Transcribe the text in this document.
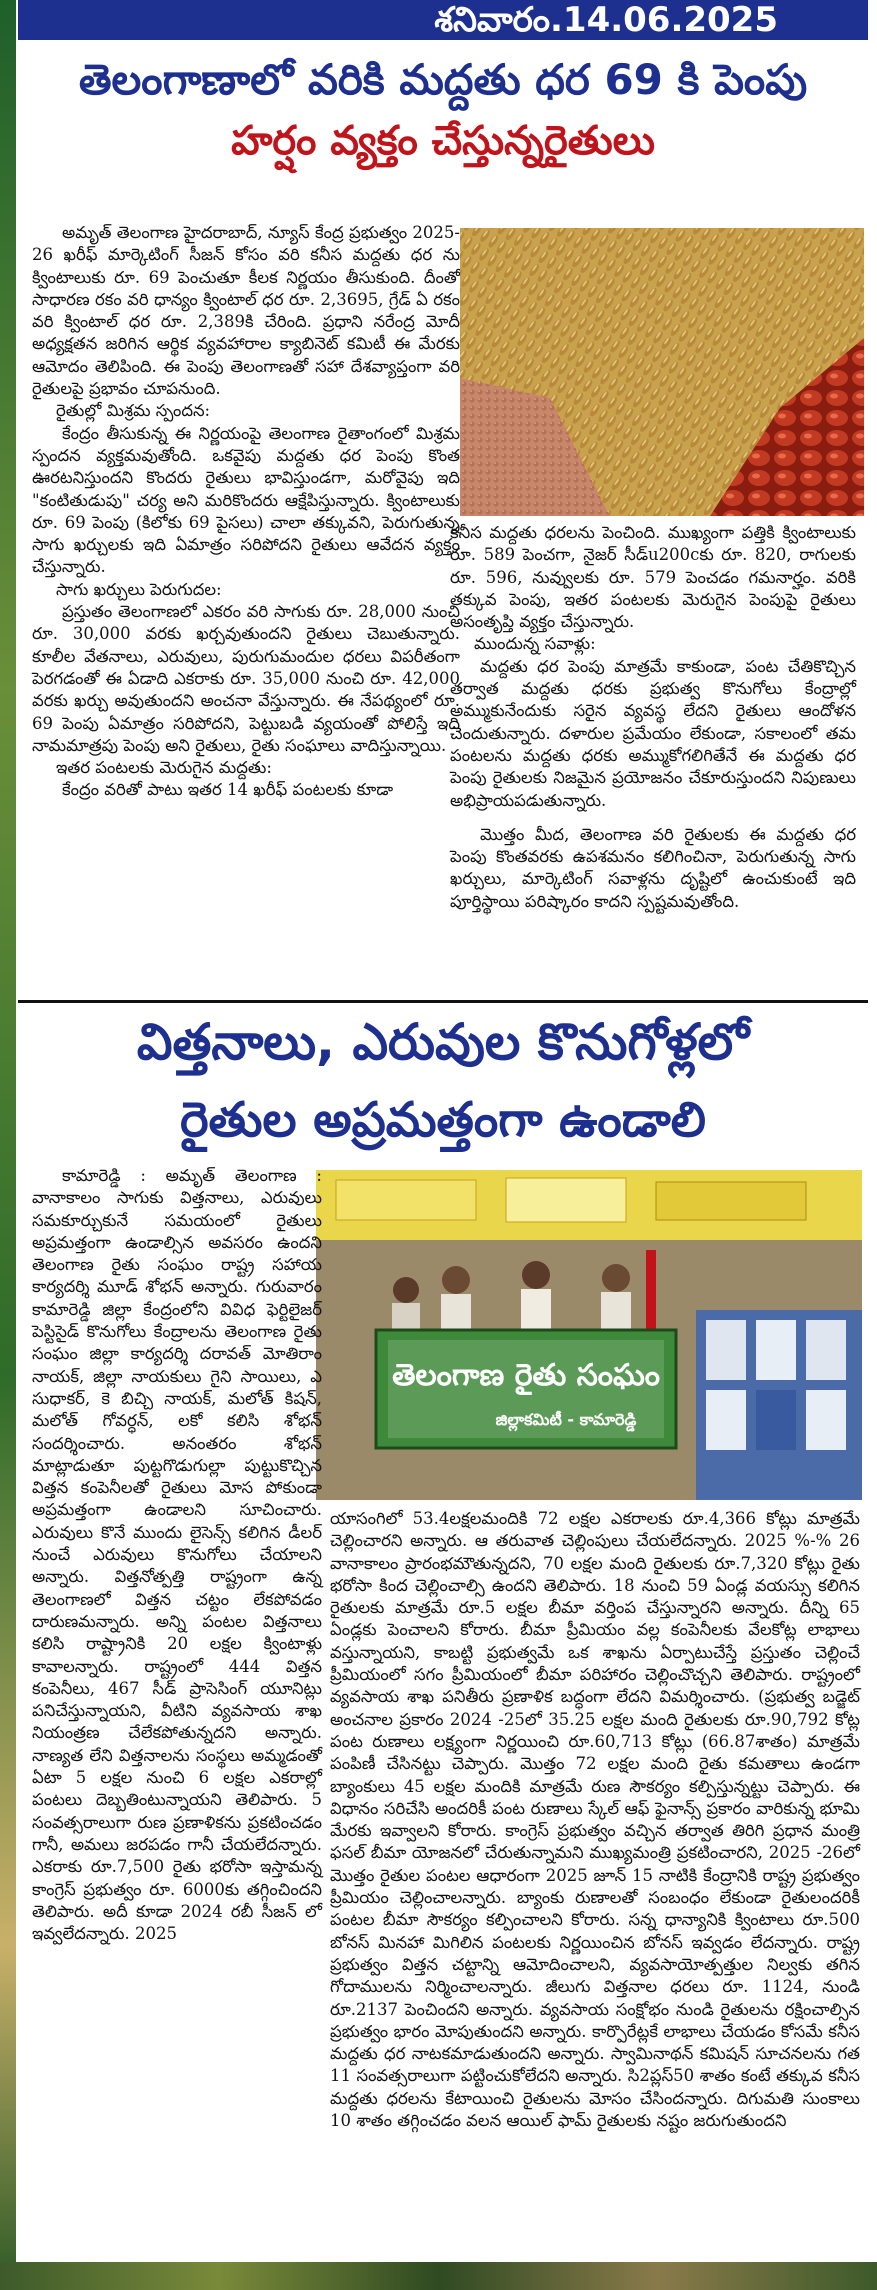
శనివారం.14.06.2025
తెలంగాణాలో వరికి మద్దతు ధర 69 కి పెంపు
హర్షం వ్యక్తం చేస్తున్నరైతులు

అమృత్ తెలంగాణ హైదరాబాద్, న్యూస్ కేంద్ర ప్రభుత్వం 2025-26 ఖరీఫ్ మార్కెటింగ్ సీజన్ కోసం వరి కనీస మద్దతు ధర ను క్వింటాలుకు రూ. 69 పెంచుతూ కీలక నిర్ణయం తీసుకుంది. దీంతో సాధారణ రకం వరి ధాన్యం క్వింటాల్ ధర రూ. 2,3695, గ్రేడ్ ఏ రకం వరి క్వింటాల్ ధర రూ. 2,389కి చేరింది. ప్రధాని నరేంద్ర మోదీ అధ్యక్షతన జరిగిన ఆర్థిక వ్యవహారాల క్యాబినెట్ కమిటీ ఈ మేరకు ఆమోదం తెలిపింది. ఈ పెంపు తెలంగాణతో సహా దేశవ్యాప్తంగా వరి రైతులపై ప్రభావం చూపనుంది.

రైతుల్లో మిశ్రమ స్పందన:

కేంద్రం తీసుకున్న ఈ నిర్ణయంపై తెలంగాణ రైతాంగంలో మిశ్రమ స్పందన వ్యక్తమవుతోంది. ఒకవైపు మద్దతు ధర పెంపు కొంత ఊరటనిస్తుందని కొందరు రైతులు భావిస్తుండగా, మరోవైపు ఇది "కంటితుడుపు" చర్య అని మరికొందరు ఆక్షేపిస్తున్నారు. క్వింటాలుకు రూ. 69 పెంపు (కిలోకు 69 పైసలు) చాలా తక్కువని, పెరుగుతున్న సాగు ఖర్చులకు ఇది ఏమాత్రం సరిపోదని రైతులు ఆవేదన వ్యక్తం చేస్తున్నారు.

సాగు ఖర్చులు పెరుగుదల:

ప్రస్తుతం తెలంగాణలో ఎకరం వరి సాగుకు రూ. 28,000 నుంచి రూ. 30,000 వరకు ఖర్చవుతుందని రైతులు చెబుతున్నారు. కూలీల వేతనాలు, ఎరువులు, పురుగుమందుల ధరలు విపరీతంగా పెరగడంతో ఈ ఏడాది ఎకరాకు రూ. 35,000 నుంచి రూ. 42,000 వరకు ఖర్చు అవుతుందని అంచనా వేస్తున్నారు. ఈ నేపథ్యంలో రూ. 69 పెంపు ఏమాత్రం సరిపోదని, పెట్టుబడి వ్యయంతో పోలిస్తే ఇది నామమాత్రపు పెంపు అని రైతులు, రైతు సంఘాలు వాదిస్తున్నాయి.

ఇతర పంటలకు మెరుగైన మద్దతు:

కేంద్రం వరితో పాటు ఇతర 14 ఖరీఫ్ పంటలకు కూడా

కనీస మద్దతు ధరలను పెంచింది. ముఖ్యంగా పత్తికి క్వింటాలుకు రూ. 589 పెంచగా, నైజర్ సీడ్u200cకు రూ. 820, రాగులకు రూ. 596, నువ్వులకు రూ. 579 పెంచడం గమనార్హం. వరికి తక్కువ పెంపు, ఇతర పంటలకు మెరుగైన పెంపుపై రైతులు అసంతృప్తి వ్యక్తం చేస్తున్నారు.

ముందున్న సవాళ్లు:

మద్దతు ధర పెంపు మాత్రమే కాకుండా, పంట చేతికొచ్చిన తర్వాత మద్దతు ధరకు ప్రభుత్వ కొనుగోలు కేంద్రాల్లో అమ్ముకునేందుకు సరైన వ్యవస్థ లేదని రైతులు ఆందోళన చెందుతున్నారు. దళారుల ప్రమేయం లేకుండా, సకాలంలో తమ పంటలను మద్దతు ధరకు అమ్ముకోగలిగితేనే ఈ మద్దతు ధర పెంపు రైతులకు నిజమైన ప్రయోజనం చేకూరుస్తుందని నిపుణులు అభిప్రాయపడుతున్నారు.

మొత్తం మీద, తెలంగాణ వరి రైతులకు ఈ మద్దతు ధర పెంపు కొంతవరకు ఉపశమనం కలిగించినా, పెరుగుతున్న సాగు ఖర్చులు, మార్కెటింగ్ సవాళ్లను దృష్టిలో ఉంచుకుంటే ఇది పూర్తిస్థాయి పరిష్కారం కాదని స్పష్టమవుతోంది.

విత్తనాలు, ఎరువుల కొనుగోళ్లలో
రైతుల అప్రమత్తంగా ఉండాలి
తెలంగాణ రైతు సంఘం
జిల్లాకమిటీ - కామారెడ్డి

కామారెడ్డి : అమృత్ తెలంగాణ : వానాకాలం సాగుకు విత్తనాలు, ఎరువులు సమకూర్చుకునే సమయంలో రైతులు అప్రమత్తంగా ఉండాల్సిన అవసరం ఉందని తెలంగాణ రైతు సంఘం రాష్ట్ర సహాయ కార్యదర్శి మూడ్ శోభన్ అన్నారు. గురువారం కామారెడ్డి జిల్లా కేంద్రంలోని వివిధ ఫెర్టిలైజర్ పెస్టిసైడ్ కొనుగోలు కేంద్రాలను తెలంగాణ రైతు సంఘం జిల్లా కార్యదర్శి దరావత్ మోతిరాం నాయక్, జిల్లా నాయకులు గైని సాయిలు, ఎ సుధాకర్, కె బిచ్చి నాయక్, మలోత్ కిషన్, మలోత్ గోవర్ధన్, లకో కలిసి శోభన్ సందర్శించారు. అనంతరం శోభన్ మాట్లాడుతూ పుట్టగొడుగుల్లా పుట్టుకొచ్చిన విత్తన కంపెనీలతో రైతులు మోస పోకుండా అప్రమత్తంగా ఉండాలని సూచించారు. ఎరువులు కొనే ముందు లైసెన్స్ కలిగిన డీలర్ నుంచే ఎరువులు కొనుగోలు చేయాలని అన్నారు. విత్తనోత్పత్తి రాష్ట్రంగా ఉన్న తెలంగాణలో విత్తన చట్టం లేకపోవడం దారుణమన్నారు. అన్ని పంటల విత్తనాలు కలిసి రాష్ట్రానికి 20 లక్షల క్వింటాళ్లు కావాలన్నారు. రాష్ట్రంలో 444 విత్తన కంపెనీలు, 467 సీడ్ ప్రాసెసింగ్ యూనిట్లు పనిచేస్తున్నాయని, వీటిని వ్యవసాయ శాఖ నియంత్రణ చేలేకపోతున్నదని అన్నారు. నాణ్యత లేని విత్తనాలను సంస్థలు అమ్మడంతో ఏటా 5 లక్షల నుంచి 6 లక్షల ఎకరాల్లో పంటలు దెబ్బతింటున్నాయని తెలిపారు. 5 సంవత్సరాలుగా రుణ ప్రణాళికను ప్రకటించడం గానీ, అమలు జరపడం గానీ చేయలేదన్నారు. ఎకరాకు రూ.7,500 రైతు భరోసా ఇస్తామన్న కాంగ్రెస్ ప్రభుత్వం రూ. 6000కు తగ్గించిందని తెలిపారు. అదీ కూడా 2024 రబీ సీజన్ లో ఇవ్వలేదన్నారు. 2025

యాసంగిలో 53.4లక్షలమందికి 72 లక్షల ఎకరాలకు రూ.4,366 కోట్లు మాత్రమే చెల్లించారని అన్నారు. ఆ తరువాత చెల్లింపులు చేయలేదన్నారు. 2025 %-% 26 వానాకాలం ప్రారంభమౌతున్నదని, 70 లక్షల మంది రైతులకు రూ.7,320 కోట్లు రైతు భరోసా కింద చెల్లించాల్సి ఉందని తెలిపారు. 18 నుంచి 59 ఏండ్ల వయస్సు కలిగిన రైతులకు మాత్రమే రూ.5 లక్షల బీమా వర్తింప చేస్తున్నారని అన్నారు. దీన్ని 65 ఏండ్లకు పెంచాలని కోరారు. బీమా ప్రీమియం వల్ల కంపెనీలకు వేలకోట్ల లాభాలు వస్తున్నాయని, కాబట్టి ప్రభుత్వమే ఒక శాఖను ఏర్పాటుచేస్తే ప్రస్తుతం చెల్లించే ప్రీమియంలో సగం ప్రీమియంలో బీమా పరిహారం చెల్లించొచ్చని తెలిపారు. రాష్ట్రంలో వ్యవసాయ శాఖ పనితీరు ప్రణాళిక బద్ధంగా లేదని విమర్శించారు. (ప్రభుత్వ బడ్జెట్ అంచనాల ప్రకారం 2024 -25లో 35.25 లక్షల మంది రైతులకు రూ.90,792 కోట్ల పంట రుణాలు లక్ష్యంగా నిర్ణయించి రూ.60,713 కోట్లు (66.87శాతం) మాత్రమే పంపిణీ చేసినట్టు చెప్పారు. మొత్తం 72 లక్షల మంది రైతు కమతాలు ఉండగా బ్యాంకులు 45 లక్షల మందికి మాత్రమే రుణ సౌకర్యం కల్పిస్తున్నట్టు చెప్పారు. ఈ విధానం సరిచేసి అందరికీ పంట రుణాలు స్కేల్ ఆఫ్ ఫైనాన్స్ ప్రకారం వారికున్న భూమి మేరకు ఇవ్వాలని కోరారు. కాంగ్రెస్ ప్రభుత్వం వచ్చిన తర్వాత తిరిగి ప్రధాన మంత్రి ఫసల్ బీమా యోజనలో చేరుతున్నామని ముఖ్యమంత్రి ప్రకటించారని, 2025 -26లో మొత్తం రైతుల పంటల ఆధారంగా 2025 జూన్ 15 నాటికి కేంద్రానికి రాష్ట్ర ప్రభుత్వం ప్రీమియం చెల్లించాలన్నారు. బ్యాంకు రుణాలతో సంబంధం లేకుండా రైతులందరికీ పంటల బీమా సౌకర్యం కల్పించాలని కోరారు. సన్న ధాన్యానికి క్వింటాలు రూ.500 బోనస్ మినహా మిగిలిన పంటలకు నిర్ణయించిన బోనస్ ఇవ్వడం లేదన్నారు. రాష్ట్ర ప్రభుత్వం విత్తన చట్టాన్ని ఆమోదించాలని, వ్యవసాయోత్పత్తుల నిల్వకు తగిన గోదాములను నిర్మించాలన్నారు. జీలుగు విత్తనాల ధరలు రూ. 1124, నుండి రూ.2137 పెంచిందని అన్నారు. వ్యవసాయ సంక్షోభం నుండి రైతులను రక్షించాల్సిన ప్రభుత్వం భారం మోపుతుందని అన్నారు. కార్పొరేట్లకే లాభాలు చేయడం కోసమే కనీస మద్దతు ధర నాటకమాడుతుందని అన్నారు. స్వామినాథన్ కమిషన్ సూచనలను గత 11 సంవత్సరాలుగా పట్టించుకోలేదని అన్నారు. సి2ప్లస్50 శాతం కంటే తక్కువ కనీస మద్దతు ధరలను కేటాయించి రైతులను మోసం చేసిందన్నారు. దిగుమతి సుంకాలు 10 శాతం తగ్గించడం వలన ఆయిల్ ఫామ్ రైతులకు నష్టం జరుగుతుందని
